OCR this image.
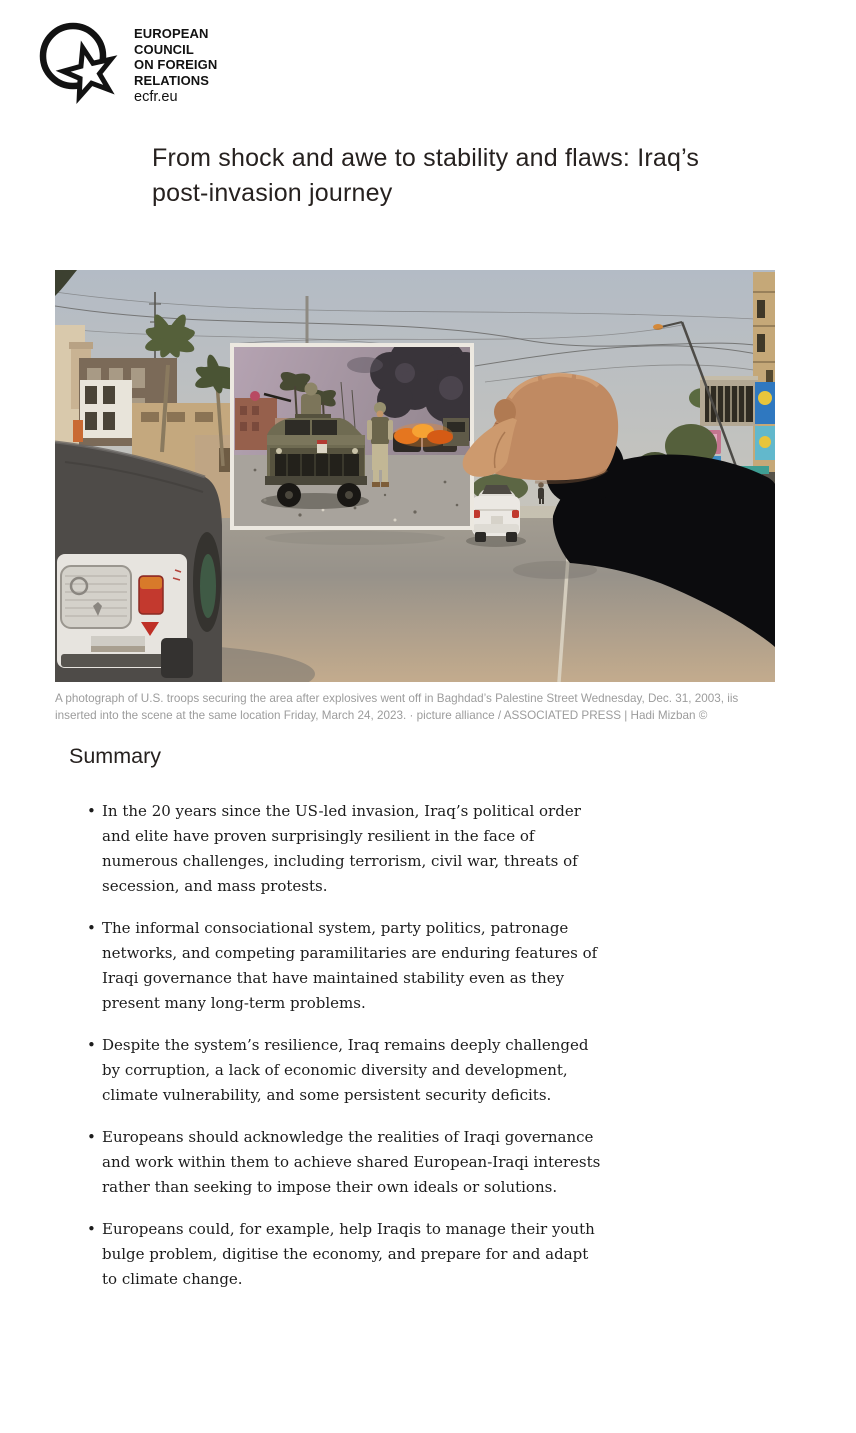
EUROPEAN
COUNCIL
ON FOREIGN
RELATIONS
ecfr.eu
From shock and awe to stability and flaws: Iraq’s post-invasion journey
A photograph of U.S. troops securing the area after explosives went off in Baghdad’s Palestine Street Wednesday, Dec. 31, 2003, iis inserted into the scene at the same location Friday, March 24, 2023. · picture alliance / ASSOCIATED PRESS | Hadi Mizban ©
Summary
• In the 20 years since the US-led invasion, Iraq’s political order and elite have proven surprisingly resilient in the face of numerous challenges, including terrorism, civil war, threats of secession, and mass protests.
• The informal consociational system, party politics, patronage networks, and competing paramilitaries are enduring features of Iraqi governance that have maintained stability even as they present many long-term problems.
• Despite the system’s resilience, Iraq remains deeply challenged by corruption, a lack of economic diversity and development, climate vulnerability, and some persistent security deficits.
• Europeans should acknowledge the realities of Iraqi governance and work within them to achieve shared European-Iraqi interests rather than seeking to impose their own ideals or solutions.
• Europeans could, for example, help Iraqis to manage their youth bulge problem, digitise the economy, and prepare for and adapt to climate change.
